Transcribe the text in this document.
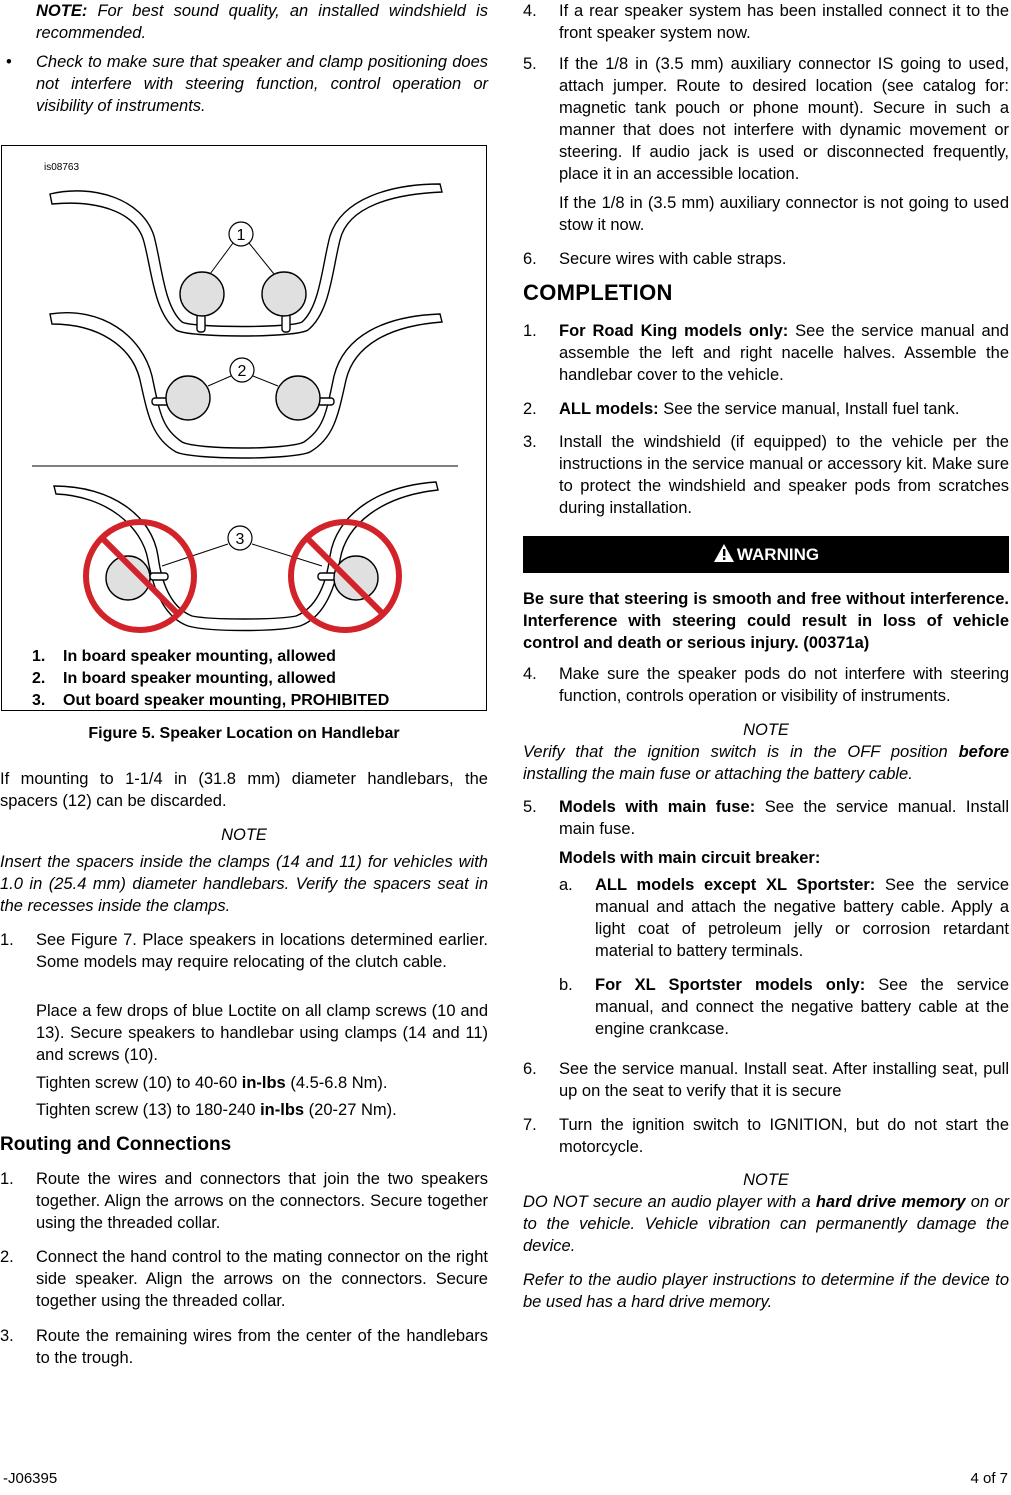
NOTE: For best sound quality, an installed windshield is recommended.
• Check to make sure that speaker and clamp positioning does not interfere with steering function, control operation or visibility of instruments.
is08763
1
2
3
1. In board speaker mounting, allowed
2. In board speaker mounting, allowed
3. Out board speaker mounting, PROHIBITED
Figure 5. Speaker Location on Handlebar
If mounting to 1-1/4 in (31.8 mm) diameter handlebars, the spacers (12) can be discarded.
NOTE
Insert the spacers inside the clamps (14 and 11) for vehicles with 1.0 in (25.4 mm) diameter handlebars. Verify the spacers seat in the recesses inside the clamps.
1. See Figure 7. Place speakers in locations determined earlier. Some models may require relocating of the clutch cable.
Place a few drops of blue Loctite on all clamp screws (10 and 13). Secure speakers to handlebar using clamps (14 and 11) and screws (10).
Tighten screw (10) to 40-60 in-lbs (4.5-6.8 Nm).
Tighten screw (13) to 180-240 in-lbs (20-27 Nm).
Routing and Connections
1. Route the wires and connectors that join the two speakers together. Align the arrows on the connectors. Secure together using the threaded collar.
2. Connect the hand control to the mating connector on the right side speaker. Align the arrows on the connectors. Secure together using the threaded collar.
3. Route the remaining wires from the center of the handlebars to the trough.
4. If a rear speaker system has been installed connect it to the front speaker system now.
5. If the 1/8 in (3.5 mm) auxiliary connector IS going to used, attach jumper. Route to desired location (see catalog for: magnetic tank pouch or phone mount). Secure in such a manner that does not interfere with dynamic movement or steering. If audio jack is used or disconnected frequently, place it in an accessible location.
If the 1/8 in (3.5 mm) auxiliary connector is not going to used stow it now.
6. Secure wires with cable straps.
COMPLETION
1. For Road King models only: See the service manual and assemble the left and right nacelle halves. Assemble the handlebar cover to the vehicle.
2. ALL models: See the service manual, Install fuel tank.
3. Install the windshield (if equipped) to the vehicle per the instructions in the service manual or accessory kit. Make sure to protect the windshield and speaker pods from scratches during installation.
WARNING
Be sure that steering is smooth and free without interference. Interference with steering could result in loss of vehicle control and death or serious injury. (00371a)
4. Make sure the speaker pods do not interfere with steering function, controls operation or visibility of instruments.
NOTE
Verify that the ignition switch is in the OFF position before installing the main fuse or attaching the battery cable.
5. Models with main fuse: See the service manual. Install main fuse.
Models with main circuit breaker:
a. ALL models except XL Sportster: See the service manual and attach the negative battery cable. Apply a light coat of petroleum jelly or corrosion retardant material to battery terminals.
b. For XL Sportster models only: See the service manual, and connect the negative battery cable at the engine crankcase.
6. See the service manual. Install seat. After installing seat, pull up on the seat to verify that it is secure
7. Turn the ignition switch to IGNITION, but do not start the motorcycle.
NOTE
DO NOT secure an audio player with a hard drive memory on or to the vehicle. Vehicle vibration can permanently damage the device.
Refer to the audio player instructions to determine if the device to be used has a hard drive memory.
-J06395	4 of 7
